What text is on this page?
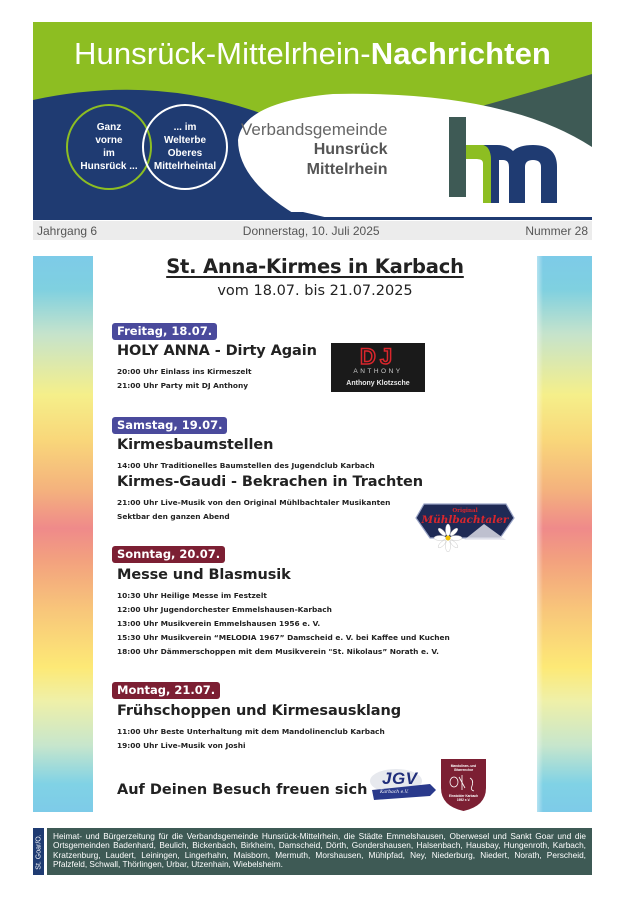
Hunsrück-Mittelrhein-Nachrichten
Ganz
vorne
im
Hunsrück ...
... im
Welterbe
Oberes
Mittelrheintal
Verbandsgemeinde
Hunsrück
Mittelrhein
Jahrgang 6	Donnerstag, 10. Juli 2025	Nummer 28
St. Anna-Kirmes in Karbach
vom 18.07. bis 21.07.2025
Freitag, 18.07.
HOLY ANNA - Dirty Again
20:00 Uhr Einlass ins Kirmeszelt
21:00 Uhr Party mit DJ Anthony
DJ
ANTHONY
Anthony Klotzsche
Samstag, 19.07.
Kirmesbaumstellen
14:00 Uhr Traditionelles Baumstellen des Jugendclub Karbach
Kirmes-Gaudi - Bekrachen in Trachten
21:00 Uhr Live-Musik von den Original Mühlbachtaler Musikanten
Sektbar den ganzen Abend
Original
Mühlbachtaler
Sonntag, 20.07.
Messe und Blasmusik
10:30 Uhr Heilige Messe im Festzelt
12:00 Uhr Jugendorchester Emmelshausen-Karbach
13:00 Uhr Musikverein Emmelshausen 1956 e. V.
15:30 Uhr Musikverein “MELODIA 1967” Damscheid e. V. bei Kaffee und Kuchen
18:00 Uhr Dämmerschoppen mit dem Musikverein "St. Nikolaus” Norath e. V.
Montag, 21.07.
Frühschoppen und Kirmesausklang
11:00 Uhr Beste Unterhaltung mit dem Mandolinenclub Karbach
19:00 Uhr Live-Musik von Joshi
Auf Deinen Besuch freuen sich
JGV
Karbach e.V.
Mandolinen- und
Gitarrenchor
Einstolder Karbach
1952 e.V.
St. Goar/O.	Heimat- und Bürgerzeitung für die Verbandsgemeinde Hunsrück-Mittelrhein, die Städte Emmelshausen, Oberwesel und Sankt Goar und die Ortsgemeinden Badenhard, Beulich, Bickenbach, Birkheim, Damscheid, Dörth, Gondershausen, Halsenbach, Hausbay, Hungenroth, Karbach, Kratzenburg, Laudert, Leiningen, Lingerhahn, Maisborn, Mermuth, Morshausen, Mühlpfad, Ney, Niederburg, Niedert, Norath, Perscheid, Pfalzfeld, Schwall, Thörlingen, Urbar, Utzenhain, Wiebelsheim.
